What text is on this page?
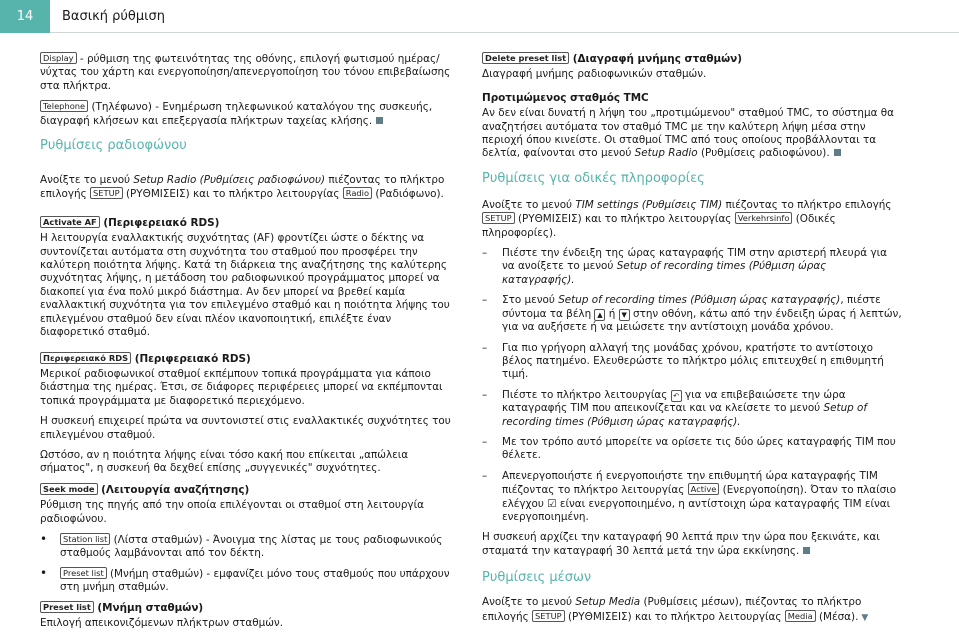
14	Βασική ρύθμιση

Display - ρύθμιση της φωτεινότητας της οθόνης, επιλογή φωτισμού ημέρας/νύχτας του χάρτη και ενεργοποίηση/απενεργοποίηση του τόνου επιβεβαίωσης στα πλήκτρα.

Telephone (Τηλέφωνο) - Ενημέρωση τηλεφωνικού καταλόγου της συσκευής, διαγραφή κλήσεων και επεξεργασία πλήκτρων ταχείας κλήσης.

Ρυθμίσεις ραδιοφώνου

Ανοίξτε το μενού Setup Radio (Ρυθμίσεις ραδιοφώνου) πιέζοντας το πλήκτρο επιλογής SETUP (ΡΥΘΜΙΣΕΙΣ) και το πλήκτρο λειτουργίας Radio (Ραδιόφωνο).

Activate AF (Περιφερειακό RDS)

Η λειτουργία εναλλακτικής συχνότητας (AF) φροντίζει ώστε ο δέκτης να συντονίζεται αυτόματα στη συχνότητα του σταθμού που προσφέρει την καλύτερη ποιότητα λήψης. Κατά τη διάρκεια της αναζήτησης της καλύτερης συχνότητας λήψης, η μετάδοση του ραδιοφωνικού προγράμματος μπορεί να διακοπεί για ένα πολύ μικρό διάστημα. Αν δεν μπορεί να βρεθεί καμία εναλλακτική συχνότητα για τον επιλεγμένο σταθμό και η ποιότητα λήψης του επιλεγμένου σταθμού δεν είναι πλέον ικανοποιητική, επιλέξτε έναν διαφορετικό σταθμό.

Περιφερειακό RDS (Περιφερειακό RDS)

Μερικοί ραδιοφωνικοί σταθμοί εκπέμπουν τοπικά προγράμματα για κάποιο διάστημα της ημέρας. Έτσι, σε διάφορες περιφέρειες μπορεί να εκπέμπονται τοπικά προγράμματα με διαφορετικό περιεχόμενο.

Η συσκευή επιχειρεί πρώτα να συντονιστεί στις εναλλακτικές συχνότητες του επιλεγμένου σταθμού.

Ωστόσο, αν η ποιότητα λήψης είναι τόσο κακή που επίκειται „απώλεια σήματος", η συσκευή θα δεχθεί επίσης „συγγενικές" συχνότητες.

Seek mode (Λειτουργία αναζήτησης)

Ρύθμιση της πηγής από την οποία επιλέγονται οι σταθμοί στη λειτουργία ραδιοφώνου.

• Station list (Λίστα σταθμών) - Άνοιγμα της λίστας με τους ραδιοφωνικούς σταθμούς λαμβάνονται από τον δέκτη.
• Preset list (Μνήμη σταθμών) - εμφανίζει μόνο τους σταθμούς που υπάρχουν στη μνήμη σταθμών.
Preset list (Μνήμη σταθμών)

Επιλογή απεικονιζόμενων πλήκτρων σταθμών.

Delete preset list (Διαγραφή μνήμης σταθμών)

Διαγραφή μνήμης ραδιοφωνικών σταθμών.

Προτιμώμενος σταθμός TMC

Αν δεν είναι δυνατή η λήψη του „προτιμώμενου" σταθμού TMC, το σύστημα θα αναζητήσει αυτόματα τον σταθμό TMC με την καλύτερη λήψη μέσα στην περιοχή όπου κινείστε. Οι σταθμοί TMC από τους οποίους προβάλλονται τα δελτία, φαίνονται στο μενού Setup Radio (Ρυθμίσεις ραδιοφώνου).

Ρυθμίσεις για οδικές πληροφορίες

Ανοίξτε το μενού TIM settings (Ρυθμίσεις TIM) πιέζοντας το πλήκτρο επιλογής SETUP (ΡΥΘΜΙΣΕΙΣ) και το πλήκτρο λειτουργίας Verkehrsinfo (Οδικές πληροφορίες).

– Πιέστε την ένδειξη της ώρας καταγραφής TIM στην αριστερή πλευρά για να ανοίξετε το μενού Setup of recording times (Ρύθμιση ώρας καταγραφής).
– Στο μενού Setup of recording times (Ρύθμιση ώρας καταγραφής), πιέστε σύντομα τα βέλη ▲ ή ▼ στην οθόνη, κάτω από την ένδειξη ώρας ή λεπτών, για να αυξήσετε ή να μειώσετε την αντίστοιχη μονάδα χρόνου.
– Για πιο γρήγορη αλλαγή της μονάδας χρόνου, κρατήστε το αντίστοιχο βέλος πατημένο. Ελευθερώστε το πλήκτρο μόλις επιτευχθεί η επιθυμητή τιμή.
– Πιέστε το πλήκτρο λειτουργίας ↶ για να επιβεβαιώσετε την ώρα καταγραφής TIM που απεικονίζεται και να κλείσετε το μενού Setup of recording times (Ρύθμιση ώρας καταγραφής).
– Με τον τρόπο αυτό μπορείτε να ορίσετε τις δύο ώρες καταγραφής TIM που θέλετε.
– Απενεργοποιήστε ή ενεργοποιήστε την επιθυμητή ώρα καταγραφής TIM πιέζοντας το πλήκτρο λειτουργίας Active (Ενεργοποίηση). Όταν το πλαίσιο ελέγχου ☑ είναι ενεργοποιημένο, η αντίστοιχη ώρα καταγραφής TIM είναι ενεργοποιημένη.

Η συσκευή αρχίζει την καταγραφή 90 λεπτά πριν την ώρα που ξεκινάτε, και σταματά την καταγραφή 30 λεπτά μετά την ώρα εκκίνησης.

Ρυθμίσεις μέσων

Ανοίξτε το μενού Setup Media (Ρυθμίσεις μέσων), πιέζοντας το πλήκτρο επιλογής SETUP (ΡΥΘΜΙΣΕΙΣ) και το πλήκτρο λειτουργίας Media (Μέσα). ▼
